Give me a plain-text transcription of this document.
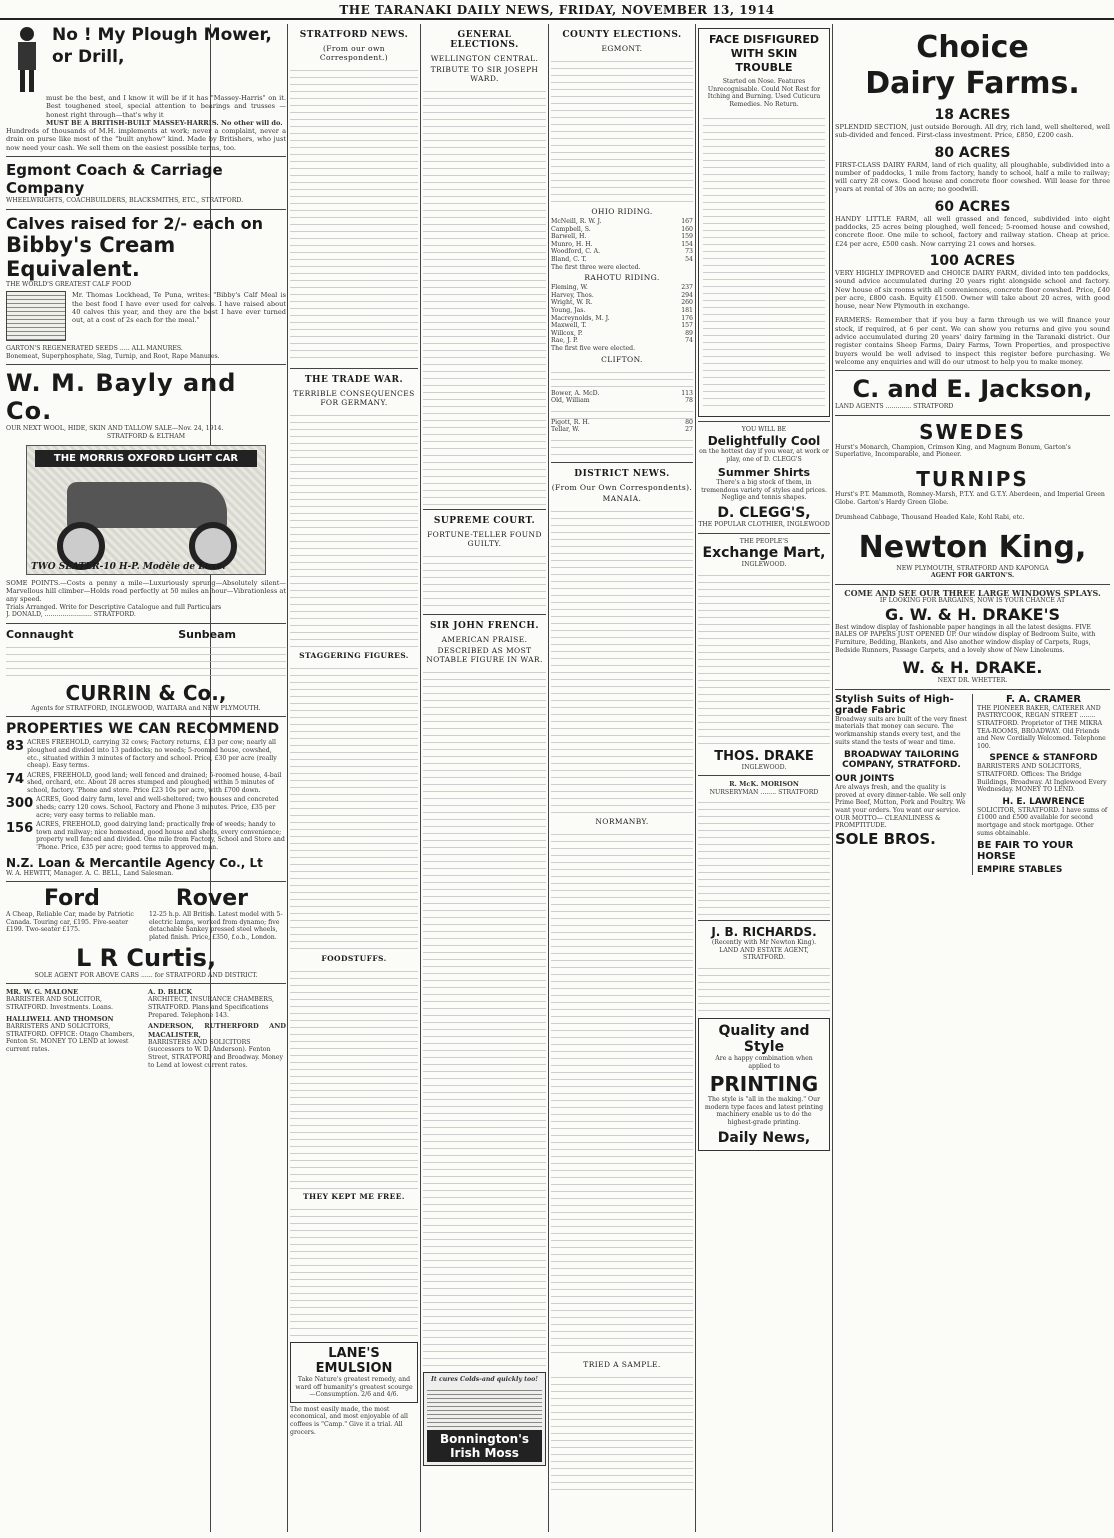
THE TARANAKI DAILY NEWS, FRIDAY, NOVEMBER 13, 1914
No ! My Plough Mower, or Drill,
must be the best, and I know it will be if it has "Massey-Harris" on it. Best toughened steel, special attention to bearings and trusses — honest right through—that's why it
MUST BE A BRITISH-BUILT MASSEY-HARRIS. No other will do.
Hundreds of thousands of M.H. implements at work; never a complaint, never a drain on purse like most of the "built anyhow" kind. Made by Britishers, who just now need your cash. We sell them on the easiest possible terms, too.
Egmont Coach & Carriage Company
WHEELWRIGHTS, COACHBUILDERS, BLACKSMITHS, ETC., STRATFORD.
Calves raised for 2/- each on
Bibby's Cream Equivalent.
THE WORLD'S GREATEST CALF FOOD
Mr. Thomas Lockhead, Te Puna, writes: "Bibby's Calf Meal is the best food I have ever used for calves. I have raised about 40 calves this year, and they are the best I have ever turned out, at a cost of 2s each for the meal."
GARTON'S REGENERATED SEEDS ..... ALL MANURES.
Bonemeat, Superphosphate, Slag, Turnip, and Root, Rape Manures.
W. M. Bayly and Co.
OUR NEXT WOOL, HIDE, SKIN AND TALLOW SALE—Nov. 24, 1914.
STRATFORD & ELTHAM
THE MORRIS OXFORD LIGHT CAR
TWO SEATER-10 H-P. Modèle de Luxe.
SOME POINTS.—Costs a penny a mile—Luxuriously sprung—Absolutely silent—Marvellous hill climber—Holds road perfectly at 50 miles an hour—Vibrationless at any speed.
Trials Arranged. Write for Descriptive Catalogue and full Particulars
J. DONALD, ........................ STRATFORD.
Connaught	Sunbeam
CURRIN & Co.,
Agents for STRATFORD, INGLEWOOD, WAITARA and NEW PLYMOUTH.
PROPERTIES WE CAN RECOMMEND
83 ACRES FREEHOLD, carrying 32 cows; Factory returns, £13 per cow; nearly all ploughed and divided into 13 paddocks; no weeds; 5-roomed house, cowshed, etc., situated within 3 minutes of factory and school. Price, £30 per acre (really cheap). Easy terms.
74 ACRES, FREEHOLD, good land; well fenced and drained; 5-roomed house, 4-bail shed, orchard, etc. About 28 acres stumped and ploughed; within 5 minutes of school, factory. 'Phone and store. Price £23 10s per acre, with £700 down.
300 ACRES, Good dairy farm, level and well-sheltered; two houses and concreted sheds; carry 120 cows. School, Factory and Phone 3 minutes. Price, £35 per acre; very easy terms to reliable man.
156 ACRES, FREEHOLD, good dairying land; practically free of weeds; handy to town and railway; nice homestead, good house and sheds, every convenience; property well fenced and divided. One mile from Factory, School and Store and 'Phone. Price, £35 per acre; good terms to approved man.
N.Z. Loan & Mercantile Agency Co., Lt
W. A. HEWITT, Manager. A. C. BELL, Land Salesman.
Ford	Rover
A Cheap, Reliable Car, made by Patriotic Canada. Touring car, £195. Five-seater £199. Two-seater £175.
12-25 h.p. All British. Latest model with 5-electric lamps, worked from dynamo; five detachable Sankey pressed steel wheels, plated finish. Price, £350, f.o.b., London.
L R Curtis,
SOLE AGENT FOR ABOVE CARS ...... for STRATFORD AND DISTRICT.
MR. W. G. MALONE
BARRISTER AND SOLICITOR, STRATFORD. Investments. Loans.
HALLIWELL AND THOMSON
BARRISTERS AND SOLICITORS, STRATFORD. OFFICE: Otago Chambers, Fenton St. MONEY TO LEND at lowest current rates.
A. D. BLICK
ARCHITECT, INSURANCE CHAMBERS, STRATFORD. Plans and Specifications Prepared. Telephone 143.
ANDERSON, RUTHERFORD AND MACALISTER,
BARRISTERS AND SOLICITORS (successors to W. D. Anderson). Fenton Street, STRATFORD and Broadway. Money to Lend at lowest current rates.
STRATFORD NEWS.
(From our own Correspondent.)
THE TRADE WAR.
TERRIBLE CONSEQUENCES FOR GERMANY.
STAGGERING FIGURES.
FOODSTUFFS.
THEY KEPT ME FREE.
LANE'S EMULSION
Take Nature's greatest remedy, and ward off humanity's greatest scourge—Consumption. 2/6 and 4/6.
The most easily made, the most economical, and most enjoyable of all coffees is "Camp." Give it a trial. All grocers.
GENERAL ELECTIONS.
WELLINGTON CENTRAL.
TRIBUTE TO SIR JOSEPH WARD.
SUPREME COURT.
FORTUNE-TELLER FOUND GUILTY.
SIR JOHN FRENCH.
AMERICAN PRAISE.
DESCRIBED AS MOST NOTABLE FIGURE IN WAR.
It cures Colds-and quickly too!
Bonnington's Irish Moss
COUNTY ELECTIONS.
EGMONT.
OHIO RIDING.
McNeill, R. W. J.	167
Campbell, S.	160
Barwell, H.	159
Munro, H. H.	154
Woodford, C. A.	73
Bland, C. T.	54
The first three were elected.
RAHOTU RIDING.
Fleming, W.	237
Harvey, Thos.	294
Wright, W. R.	260
Young, Jas.	181
Macreynolds, M. J.	176
Maxwell, T.	157
Willcox, P.	89
Rae, J. P.	74
The first five were elected.
CLIFTON.
Bower, A. McD.	113
Old, William	78
Pigott, R. H.	80
Tellar, W.	27
DISTRICT NEWS.
(From Our Own Correspondents).
MANAIA.
NORMANBY.
TRIED A SAMPLE.
FACE DISFIGURED WITH SKIN TROUBLE
Started on Nose. Features Unrecognisable. Could Not Rest for Itching and Burning. Used Cuticura Remedies. No Return.
YOU WILL BE
Delightfully Cool
on the hottest day if you wear, at work or play, one of D. CLEGG'S
Summer Shirts
There's a big stock of them, in tremendous variety of styles and prices. Neglige and tennis shapes.
D. CLEGG'S,
THE POPULAR CLOTHIER, INGLEWOOD
THE PEOPLE'S
Exchange Mart,
INGLEWOOD.
THOS. DRAKE
INGLEWOOD.
R. McK. MORISON
NURSERYMAN ........ STRATFORD
J. B. RICHARDS.
(Recently with Mr Newton King).
LAND AND ESTATE AGENT, STRATFORD.
Quality and Style
Are a happy combination when applied to
PRINTING
The style is "all in the making." Our modern type faces and latest printing machinery enable us to do the highest-grade printing.
Daily News,
Choice
Dairy Farms.
18 ACRES
SPLENDID SECTION, just outside Borough. All dry, rich land, well sheltered, well sub-divided and fenced. First-class investment. Price, £850, £200 cash.
80 ACRES
FIRST-CLASS DAIRY FARM, land of rich quality, all ploughable, subdivided into a number of paddocks, 1 mile from factory, handy to school, half a mile to railway; will carry 28 cows. Good house and concrete floor cowshed. Will lease for three years at rental of 30s an acre; no goodwill.
60 ACRES
HANDY LITTLE FARM, all well grassed and fenced, subdivided into eight paddocks, 25 acres being ploughed, well fenced; 5-roomed house and cowshed, concrete floor. One mile to school, factory and railway station. Cheap at price. £24 per acre, £500 cash. Now carrying 21 cows and horses.
100 ACRES
VERY HIGHLY IMPROVED and CHOICE DAIRY FARM, divided into ten paddocks, sound advice accumulated during 20 years right alongside school and factory. New house of six rooms with all conveniences, concrete floor cowshed. Price, £40 per acre, £800 cash. Equity £1500. Owner will take about 20 acres, with good house, near New Plymouth in exchange.
FARMERS: Remember that if you buy a farm through us we will finance your stock, if required, at 6 per cent. We can show you returns and give you sound advice accumulated during 20 years' dairy farming in the Taranaki district. Our register contains Sheep Farms, Dairy Farms, Town Properties, and prospective buyers would be well advised to inspect this register before purchasing. We welcome any enquiries and will do our utmost to help you to make money.
C. and E. Jackson,
LAND AGENTS ............. STRATFORD
SWEDES
Hurst's Monarch, Champion, Crimson King, and Magnum Bonum, Garton's Superlative, Incomparable, and Pioneer.
TURNIPS
Hurst's P.T. Mammoth, Romney-Marsh, P.T.Y. and G.T.Y. Aberdeen, and Imperial Green Globe. Garton's Hardy Green Globe.
Drumhead Cabbage, Thousand Headed Kale, Kohl Rabi, etc.
Newton King,
NEW PLYMOUTH, STRATFORD AND KAPONGA
AGENT FOR GARTON'S.
COME AND SEE OUR THREE LARGE WINDOWS SPLAYS.
IF LOOKING FOR BARGAINS, NOW IS YOUR CHANCE AT
G. W. & H. DRAKE'S
Best window display of fashionable paper hangings in all the latest designs. FIVE BALES OF PAPERS JUST OPENED UP. Our window display of Bedroom Suite, with Furniture, Bedding, Blankets, and Also another window display of Carpets, Rugs, Bedside Runners, Passage Carpets, and a lovely show of New Linoleums.
W. & H. DRAKE.
NEXT DR. WHETTER.
Stylish Suits of High-grade Fabric
Broadway suits are built of the very finest materials that money can secure. The workmanship stands every test, and the suits stand the tests of wear and time.
BROADWAY TAILORING COMPANY, STRATFORD.
OUR JOINTS
Are always fresh, and the quality is proved at every dinner-table. We sell only Prime Beef, Mutton, Pork and Poultry. We want your orders. You want our service.
OUR MOTTO— CLEANLINESS & PROMPTITUDE.
SOLE BROS.
F. A. CRAMER
THE PIONEER BAKER, CATERER AND PASTRYCOOK, REGAN STREET ........ STRATFORD. Proprietor of THE MIKRA TEA-ROOMS, BROADWAY. Old Friends and New Cordially Welcomed. Telephone 100.
SPENCE & STANFORD
BARRISTERS AND SOLICITORS, STRATFORD. Offices: The Bridge Buildings, Broadway. At Inglewood Every Wednesday. MONEY TO LEND.
H. E. LAWRENCE
SOLICITOR, STRATFORD. I have sums of £1000 and £500 available for second mortgage and stock mortgage. Other sums obtainable.
BE FAIR TO YOUR HORSE
EMPIRE STABLES
